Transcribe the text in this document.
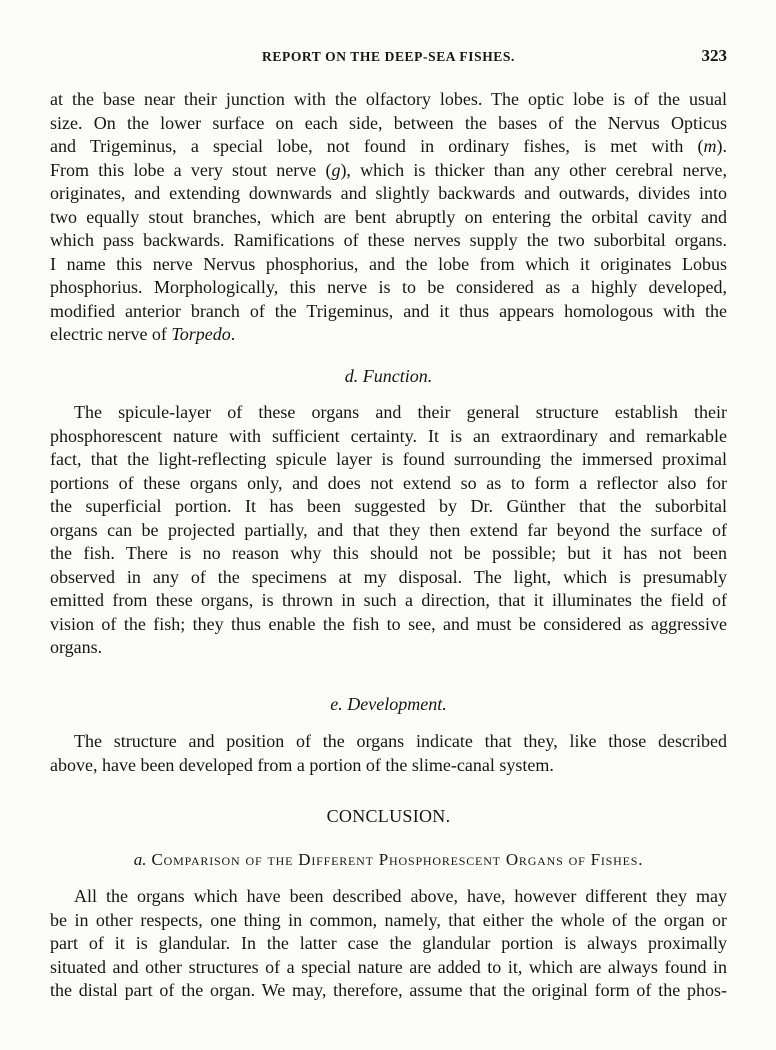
REPORT ON THE DEEP-SEA FISHES.	323
at the base near their junction with the olfactory lobes. The optic lobe is of the usual
size. On the lower surface on each side, between the bases of the Nervus Opticus
and Trigeminus, a special lobe, not found in ordinary fishes, is met with (m).
From this lobe a very stout nerve (g), which is thicker than any other cerebral nerve,
originates, and extending downwards and slightly backwards and outwards, divides into
two equally stout branches, which are bent abruptly on entering the orbital cavity and
which pass backwards. Ramifications of these nerves supply the two suborbital organs.
I name this nerve Nervus phosphorius, and the lobe from which it originates Lobus
phosphorius. Morphologically, this nerve is to be considered as a highly developed,
modified anterior branch of the Trigeminus, and it thus appears homologous with the
electric nerve of Torpedo.
d. Function.
The spicule-layer of these organs and their general structure establish their
phosphorescent nature with sufficient certainty. It is an extraordinary and remarkable
fact, that the light-reflecting spicule layer is found surrounding the immersed proximal
portions of these organs only, and does not extend so as to form a reflector also for
the superficial portion. It has been suggested by Dr. Günther that the suborbital
organs can be projected partially, and that they then extend far beyond the surface of
the fish. There is no reason why this should not be possible; but it has not been
observed in any of the specimens at my disposal. The light, which is presumably
emitted from these organs, is thrown in such a direction, that it illuminates the field of
vision of the fish; they thus enable the fish to see, and must be considered as aggressive
organs.
e. Development.
The structure and position of the organs indicate that they, like those described
above, have been developed from a portion of the slime-canal system.
CONCLUSION.
a. Comparison of the Different Phosphorescent Organs of Fishes.
All the organs which have been described above, have, however different they may
be in other respects, one thing in common, namely, that either the whole of the organ or
part of it is glandular. In the latter case the glandular portion is always proximally
situated and other structures of a special nature are added to it, which are always found in
the distal part of the organ. We may, therefore, assume that the original form of the phos-
